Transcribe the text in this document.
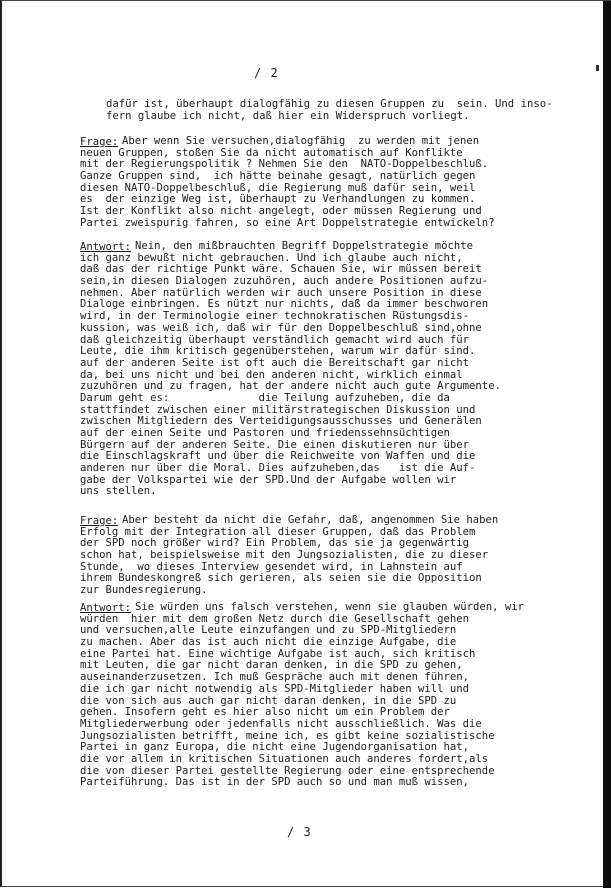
/ 2
dafür ist, überhaupt dialogfähig zu diesen Gruppen zu  sein. Und inso-
fern glaube ich nicht, daß hier ein Widerspruch vorliegt.
Frage: Aber wenn Sie versuchen,dialogfähig  zu werden mit jenen
neuen Gruppen, stoßen Sie da nicht automatisch auf Konflikte
mit der Regierungspolitik ? Nehmen Sie den  NATO-Doppelbeschluß.
Ganze Gruppen sind,  ich hätte beinahe gesagt, natürlich gegen
diesen NATO-Doppelbeschluß, die Regierung muß dafür sein, weil
es  der einzige Weg ist, überhaupt zu Verhandlungen zu kommen.
Ist der Konflikt also nicht angelegt, oder müssen Regierung und
Partei zweispurig fahren, so eine Art Doppelstrategie entwickeln?
Antwort: Nein, den mißbrauchten Begriff Doppelstrategie möchte
ich ganz bewußt nicht gebrauchen. Und ich glaube auch nicht,
daß das der richtige Punkt wäre. Schauen Sie, wir müssen bereit
sein,in diesen Dialogen zuzuhören, auch andere Positionen aufzu-
nehmen. Aber natürlich werden wir auch unsere Position in diese
Dialoge einbringen. Es nützt nur nichts, daß da immer beschworen
wird, in der Terminologie einer technokratischen Rüstungsdis-
kussion, was weiß ich, daß wir für den Doppelbeschluß sind,ohne
daß gleichzeitig überhaupt verständlich gemacht wird auch für
Leute, die ihm kritisch gegenüberstehen, warum wir dafür sind.
auf der anderen Seite ist oft auch die Bereitschaft gar nicht
da, bei uns nicht und bei den anderen nicht, wirklich einmal
zuzuhören und zu fragen, hat der andere nicht auch gute Argumente.
Darum geht es:              die Teilung aufzuheben, die da
stattfindet zwischen einer militärstrategischen Diskussion und
zwischen Mitgliedern des Verteidigungsausschusses und Generälen
auf der einen Seite und Pastoren und friedenssehnsüchtigen
Bürgern auf der anderen Seite. Die einen diskutieren nur über
die Einschlagskraft und über die Reichweite von Waffen und die
anderen nur über die Moral. Dies aufzuheben,das   ist die Auf-
gabe der Volkspartei wie der SPD.Und der Aufgabe wollen wir
uns stellen.
Frage: Aber besteht da nicht die Gefahr, daß, angenommen Sie haben
Erfolg mit der Integration all dieser Gruppen, daß das Problem
der SPD noch größer wird? Ein Problem, das sie ja gegenwärtig
schon hat, beispielsweise mit den Jungsozialisten, die zu dieser
Stunde,  wo dieses Interview gesendet wird, in Lahnstein auf
ihrem Bundeskongreß sich gerieren, als seien sie die Opposition
zur Bundesregierung.
Antwort: Sie würden uns falsch verstehen, wenn sie glauben würden, wir
würden  hier mit dem großen Netz durch die Gesellschaft gehen
und versuchen,alle Leute einzufangen und zu SPD-Mitgliedern
zu machen. Aber das ist auch nicht die einzige Aufgabe, die
eine Partei hat. Eine wichtige Aufgabe ist auch, sich kritisch
mit Leuten, die gar nicht daran denken, in die SPD zu gehen,
auseinanderzusetzen. Ich muß Gespräche auch mit denen führen,
die ich gar nicht notwendig als SPD-Mitglieder haben will und
die von sich aus auch gar nicht daran denken, in die SPD zu
gehen. Insofern geht es hier also nicht um ein Problem der
Mitgliederwerbung oder jedenfalls nicht ausschließlich. Was die
Jungsozialisten betrifft, meine ich, es gibt keine sozialistische
Partei in ganz Europa, die nicht eine Jugendorganisation hat,
die vor allem in kritischen Situationen auch anderes fordert,als
die von dieser Partei gestellte Regierung oder eine entsprechende
Parteiführung. Das ist in der SPD auch so und man muß wissen,
/ 3
